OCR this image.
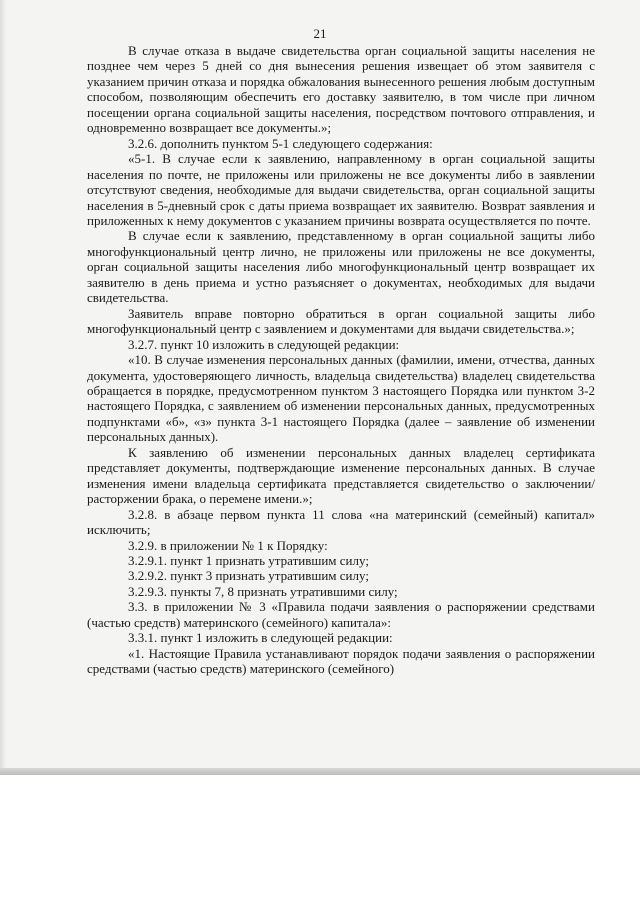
21

В случае отказа в выдаче свидетельства орган социальной защиты населения не позднее чем через 5 дней со дня вынесения решения извещает об этом заявителя с указанием причин отказа и порядка обжалования вынесенного решения любым доступным способом, позволяющим обеспечить его доставку заявителю, в том числе при личном посещении органа социальной защиты населения, посредством почтового отправления, и одновременно возвращает все документы.»;

3.2.6. дополнить пунктом 5-1 следующего содержания:

«5-1. В случае если к заявлению, направленному в орган социальной защиты населения по почте, не приложены или приложены не все документы либо в заявлении отсутствуют сведения, необходимые для выдачи свидетельства, орган социальной защиты населения в 5-дневный срок с даты приема возвращает их заявителю. Возврат заявления и приложенных к нему документов с указанием причины возврата осуществляется по почте.

В случае если к заявлению, представленному в орган социальной защиты либо многофункциональный центр лично, не приложены или приложены не все документы, орган социальной защиты населения либо многофункциональный центр возвращает их заявителю в день приема и устно разъясняет о документах, необходимых для выдачи свидетельства.

Заявитель вправе повторно обратиться в орган социальной защиты либо многофункциональный центр с заявлением и документами для выдачи свидетельства.»;

3.2.7. пункт 10 изложить в следующей редакции:

«10. В случае изменения персональных данных (фамилии, имени, отчества, данных документа, удостоверяющего личность, владельца свидетельства) владелец свидетельства обращается в порядке, предусмотренном пунктом 3 настоящего Порядка или пунктом 3-2 настоящего Порядка, с заявлением об изменении персональных данных, предусмотренных подпунктами «б», «з» пункта 3-1 настоящего Порядка (далее – заявление об изменении персональных данных).

К заявлению об изменении персональных данных владелец сертификата представляет документы, подтверждающие изменение персональных данных. В случае изменения имени владельца сертификата представляется свидетельство о заключении/расторжении брака, о перемене имени.»;

3.2.8. в абзаце первом пункта 11 слова «на материнский (семейный) капитал» исключить;

3.2.9. в приложении № 1 к Порядку:

3.2.9.1. пункт 1 признать утратившим силу;

3.2.9.2. пункт 3 признать утратившим силу;

3.2.9.3. пункты 7, 8 признать утратившими силу;

3.3. в приложении № 3 «Правила подачи заявления о распоряжении средствами (частью средств) материнского (семейного) капитала»:

3.3.1. пункт 1 изложить в следующей редакции:

«1. Настоящие Правила устанавливают порядок подачи заявления о распоряжении средствами (частью средств) материнского (семейного)
